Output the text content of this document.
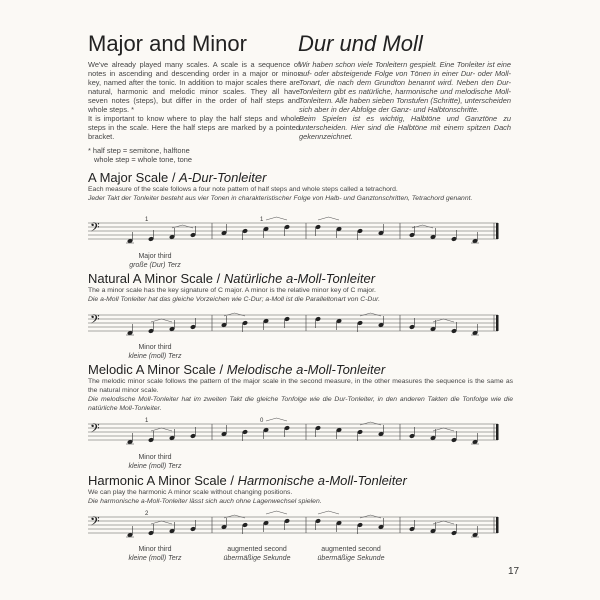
Major and Minor Dur und Moll

We've already played many scales. A scale is a sequence of notes in ascending and descending order in a major or minor key, named after the tonic. In addition to major scales there are natural, harmonic and melodic minor scales. They all have seven notes (steps), but differ in the order of half steps and whole steps. *

It is important to know where to play the half steps and whole steps in the scale. Here the half steps are marked by a pointed bracket.

* half step = semitone, halftone

whole step = whole tone, tone

Wir haben schon viele Tonleitern gespielt. Eine Tonleiter ist eine auf- oder absteigende Folge von Tönen in einer Dur- oder Moll-Tonart, die nach dem Grundton benannt wird. Neben den Dur-Tonleitern gibt es natürliche, harmonische und melodische Moll-Tonleitern. Alle haben sieben Tonstufen (Schritte), unterscheiden sich aber in der Abfolge der Ganz- und Halbtonschritte.

Beim Spielen ist es wichtig, Halbtöne und Ganztöne zu unterscheiden. Hier sind die Halbtöne mit einem spitzen Dach gekennzeichnet.

A Major Scale / A-Dur-Tonleiter
Each measure of the scale follows a four note pattern of half steps and whole steps called a tetrachord.
Jeder Takt der Tonleiter besteht aus vier Tonen in charakteristischer Folge von Halb- und Ganztonschritten, Tetrachord genannt.
𝄢
1	1
Major third
große (Dur) Terz
Natural A Minor Scale / Natürliche a-Moll-Tonleiter
The a minor scale has the key signature of C major. A minor is the relative minor key of C major.
Die a-Moll Tonleiter hat das gleiche Vorzeichen wie C-Dur; a-Moll ist die Paralleltonart von C-Dur.
𝄢
Minor third
kleine (moll) Terz
Melodic A Minor Scale / Melodische a-Moll-Tonleiter
The melodic minor scale follows the pattern of the major scale in the second measure, in the other measures the sequence is the same as the natural minor scale.
Die melodische Moll-Tonleiter hat im zweiten Takt die gleiche Tonfolge wie die Dur-Tonleiter, in den anderen Takten die Tonfolge wie die natürliche Moll-Tonleiter.
𝄢
1	0
Minor third
kleine (moll) Terz
Harmonic A Minor Scale / Harmonische a-Moll-Tonleiter
We can play the harmonic A minor scale without changing positions.
Die harmonische a-Moll-Tonleiter lässt sich auch ohne Lagenwechsel spielen.
𝄢
2
Minor third
kleine (moll) Terz
augmented second
übermäßige Sekunde
augmented second
übermäßige Sekunde
17
